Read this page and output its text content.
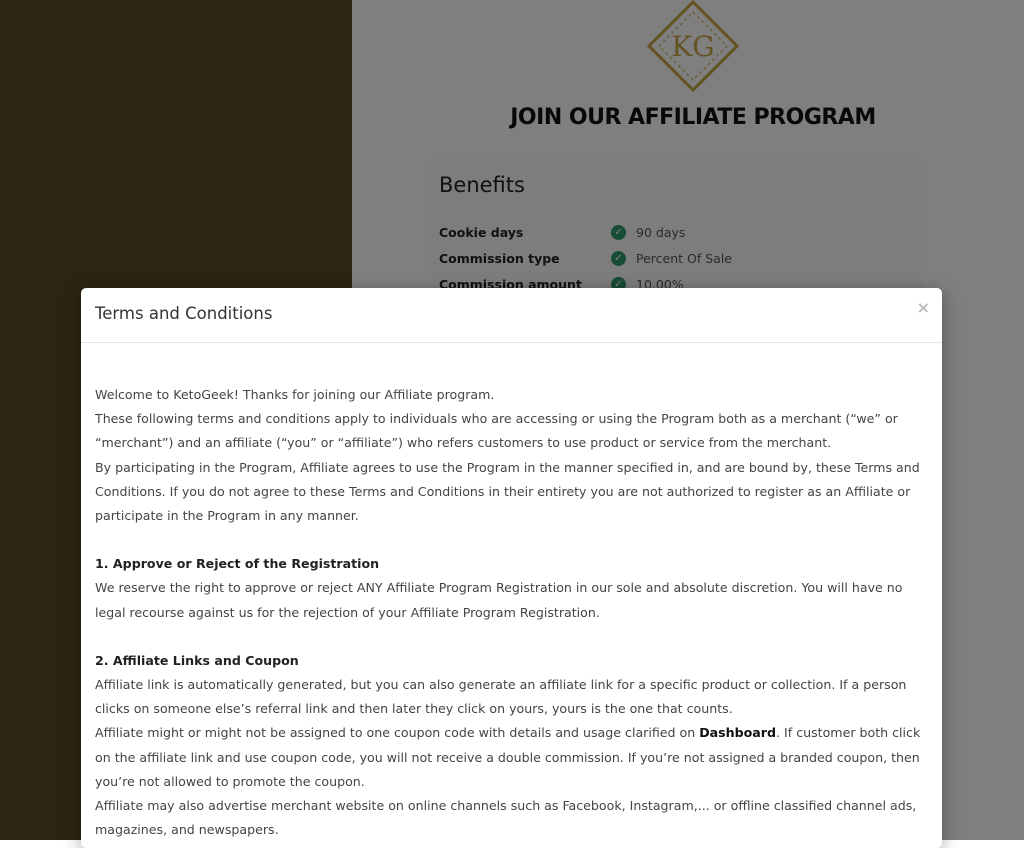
Terms and Conditions	×

Welcome to KetoGeek! Thanks for joining our Affiliate program.

These following terms and conditions apply to individuals who are accessing or using the Program both as a merchant (“we” or “merchant”) and an affiliate (“you” or “affiliate”) who refers customers to use product or service from the merchant.

By participating in the Program, Affiliate agrees to use the Program in the manner specified in, and are bound by, these Terms and Conditions. If you do not agree to these Terms and Conditions in their entirety you are not authorized to register as an Affiliate or participate in the Program in any manner.

1. Approve or Reject of the Registration

We reserve the right to approve or reject ANY Affiliate Program Registration in our sole and absolute discretion. You will have no legal recourse against us for the rejection of your Affiliate Program Registration.

2. Affiliate Links and Coupon

Affiliate link is automatically generated, but you can also generate an affiliate link for a specific product or collection. If a person clicks on someone else’s referral link and then later they click on yours, yours is the one that counts.

Affiliate might or might not be assigned to one coupon code with details and usage clarified on Dashboard. If customer both click on the affiliate link and use coupon code, you will not receive a double commission. If you’re not assigned a branded coupon, then you’re not allowed to promote the coupon.

Affiliate may also advertise merchant website on online channels such as Facebook, Instagram,... or offline classified channel ads, magazines, and newspapers.
